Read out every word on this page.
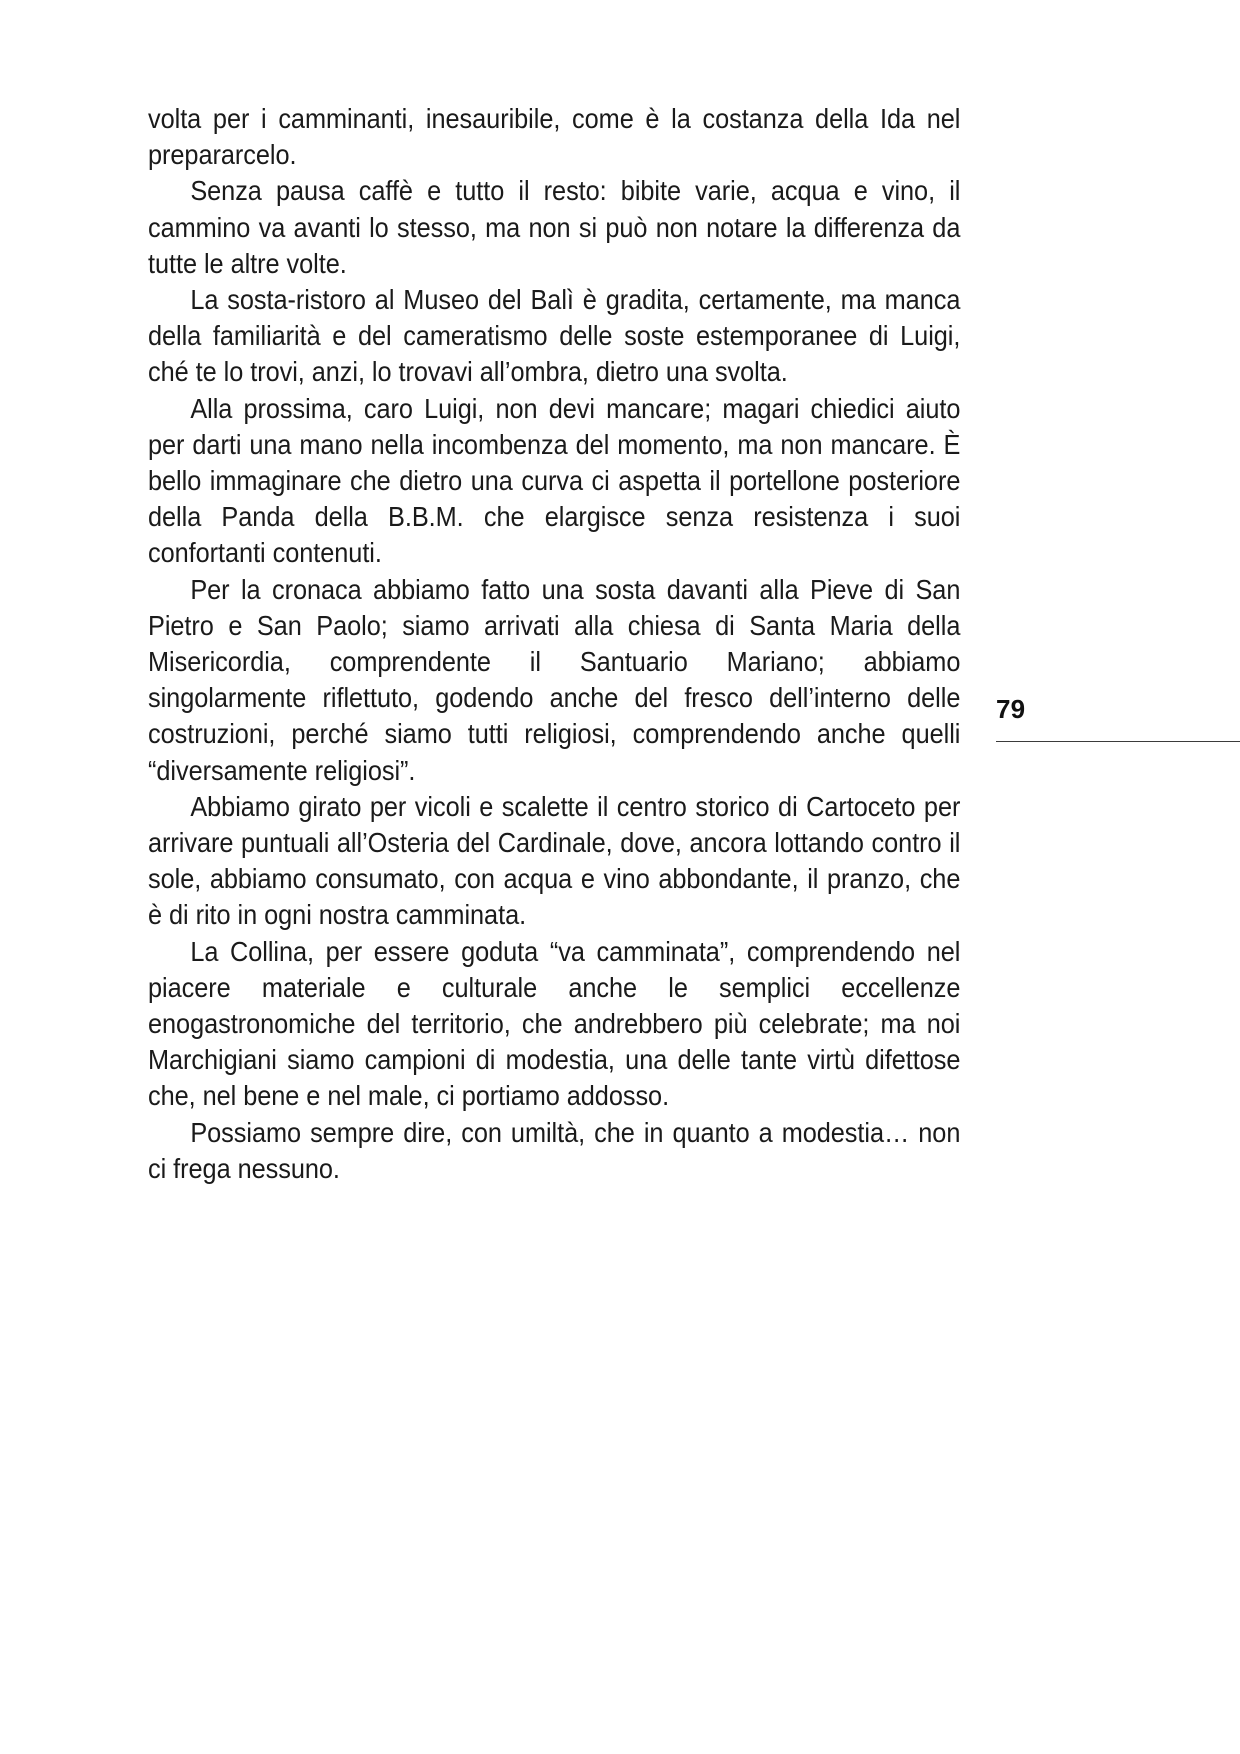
volta per i camminanti, inesauribile, come è la costanza della Ida nel prepararcelo.

Senza pausa caffè e tutto il resto: bibite varie, acqua e vino, il cammino va avanti lo stesso, ma non si può non notare la differenza da tutte le altre volte.

La sosta-ristoro al Museo del Balì è gradita, certamente, ma manca della familiarità e del cameratismo delle soste estemporanee di Luigi, ché te lo trovi, anzi, lo trovavi all’ombra, dietro una svolta.

Alla prossima, caro Luigi, non devi mancare; magari chiedici aiuto per darti una mano nella incombenza del momento, ma non mancare. È bello immaginare che dietro una curva ci aspetta il portellone posteriore della Panda della B.B.M. che elargisce senza resistenza i suoi confortanti contenuti.

Per la cronaca abbiamo fatto una sosta davanti alla Pieve di San Pietro e San Paolo; siamo arrivati alla chiesa di Santa Maria della Misericordia, comprendente il Santuario Mariano; abbiamo singolarmente riflettuto, godendo anche del fresco dell’interno delle costruzioni, perché siamo tutti religiosi, comprendendo anche quelli “diversamente religiosi”.

Abbiamo girato per vicoli e scalette il centro storico di Cartoceto per arrivare puntuali all’Osteria del Cardinale, dove, ancora lottando contro il sole, abbiamo consumato, con acqua e vino abbondante, il pranzo, che è di rito in ogni nostra camminata.

La Collina, per essere goduta “va camminata”, comprendendo nel piacere materiale e culturale anche le semplici eccellenze enogastronomiche del territorio, che andrebbero più celebrate; ma noi Marchigiani siamo campioni di modestia, una delle tante virtù difettose che, nel bene e nel male, ci portiamo addosso.

Possiamo sempre dire, con umiltà, che in quanto a modestia… non ci frega nessuno.

79
